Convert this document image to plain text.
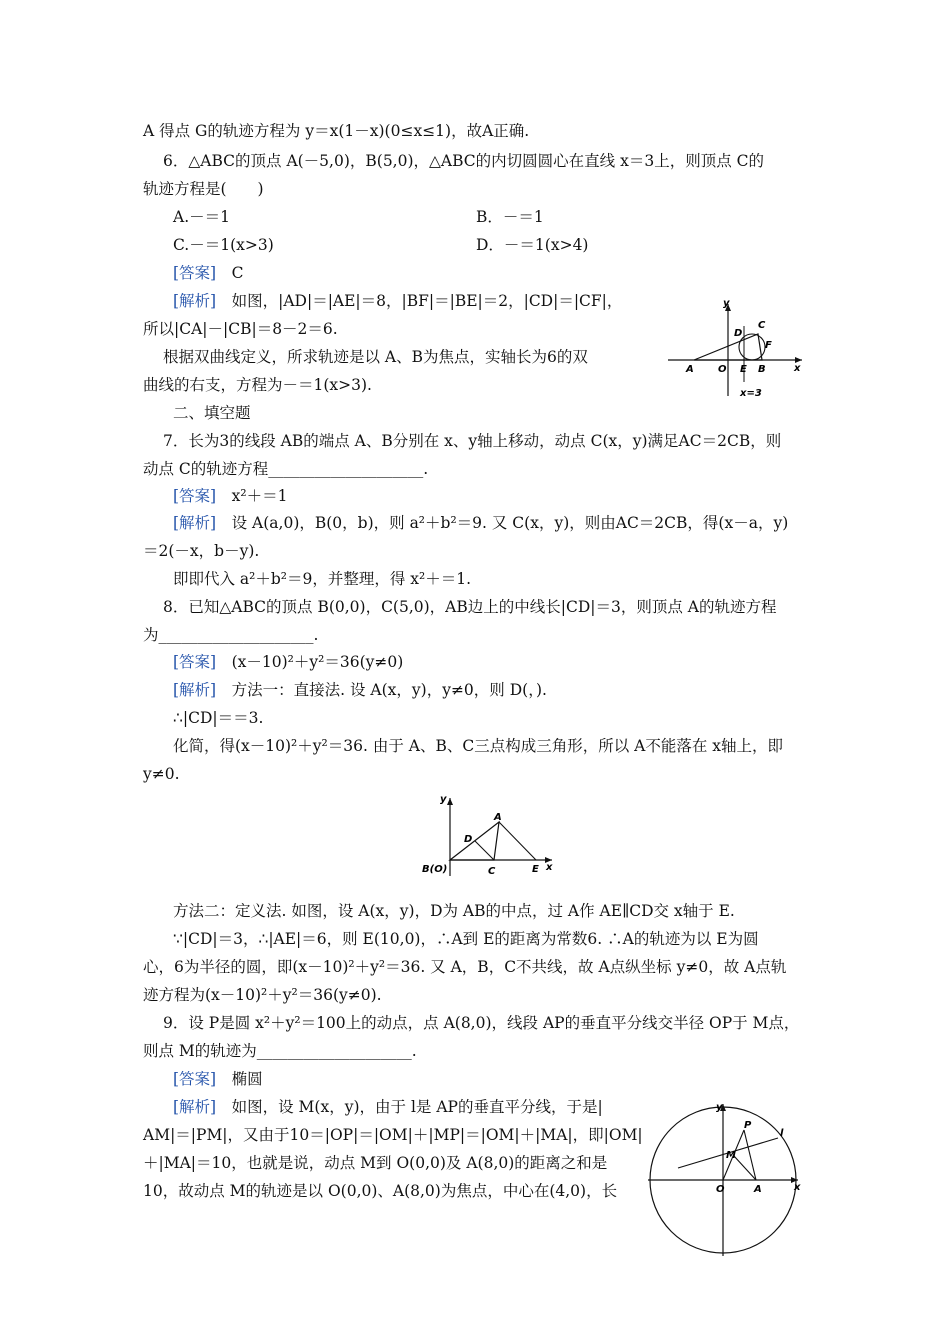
A 得点 G的轨迹方程为 y＝x(1－x)(0≤x≤1)，故A正确.
6．△ABC的顶点 A(－5,0)，B(5,0)，△ABC的内切圆圆心在直线 x＝3上，则顶点 C的
轨迹方程是(　　)
A.－＝1	B．－＝1
C.－＝1(x>3)	D．－＝1(x>4)
[答案]　 C
[解析]　 如图，|AD|＝|AE|＝8，|BF|＝|BE|＝2，|CD|＝|CF|，
所以|CA|－|CB|＝8－2＝6.
根据双曲线定义，所求轨迹是以 A、B为焦点，实轴长为6的双
曲线的右支，方程为－＝1(x>3).
二、填空题
7．长为3的线段 AB的端点 A、B分别在 x、y轴上移动，动点 C(x，y)满足AC＝2CB，则
动点 C的轨迹方程____________________.
[答案]　 x²＋＝1
[解析]　 设 A(a,0)，B(0，b)，则 a²＋b²＝9. 又 C(x，y)，则由AC＝2CB，得(x－a，y)
＝2(－x，b－y).
即即代入 a²＋b²＝9，并整理，得 x²＋＝1.
8．已知△ABC的顶点 B(0,0)，C(5,0)，AB边上的中线长|CD|＝3，则顶点 A的轨迹方程
为____________________.
[答案]　 (x－10)²＋y²＝36(y≠0)
[解析]　 方法一：直接法. 设 A(x，y)，y≠0，则 D(，).
∴|CD|＝＝3.
化简，得(x－10)²＋y²＝36. 由于 A、B、C三点构成三角形，所以 A不能落在 x轴上，即
y≠0.
方法二：定义法. 如图，设 A(x，y)，D为 AB的中点，过 A作 AE∥CD交 x轴于 E.
∵|CD|＝3，∴|AE|＝6，则 E(10,0)，∴A到 E的距离为常数6. ∴A的轨迹为以 E为圆
心，6为半径的圆，即(x－10)²＋y²＝36. 又 A，B，C不共线，故 A点纵坐标 y≠0，故 A点轨
迹方程为(x－10)²＋y²＝36(y≠0).
9．设 P是圆 x²＋y²＝100上的动点，点 A(8,0)，线段 AP的垂直平分线交半径 OP于 M点，
则点 M的轨迹为____________________.
[答案]　 椭圆
[解析]　 如图，设 M(x，y)，由于 l是 AP的垂直平分线，于是|
AM|＝|PM|，又由于10＝|OP|＝|OM|＋|MP|＝|OM|＋|MA|，即|OM|
＋|MA|＝10，也就是说，动点 M到 O(0,0)及 A(8,0)的距离之和是
10，故动点 M的轨迹是以 O(0,0)、A(8,0)为焦点，中心在(4,0)，长
y
x
A O E B
C
D
F
x=3
y
x
A
D
B(O)	C	E
y
x
P
M
O	A
l
